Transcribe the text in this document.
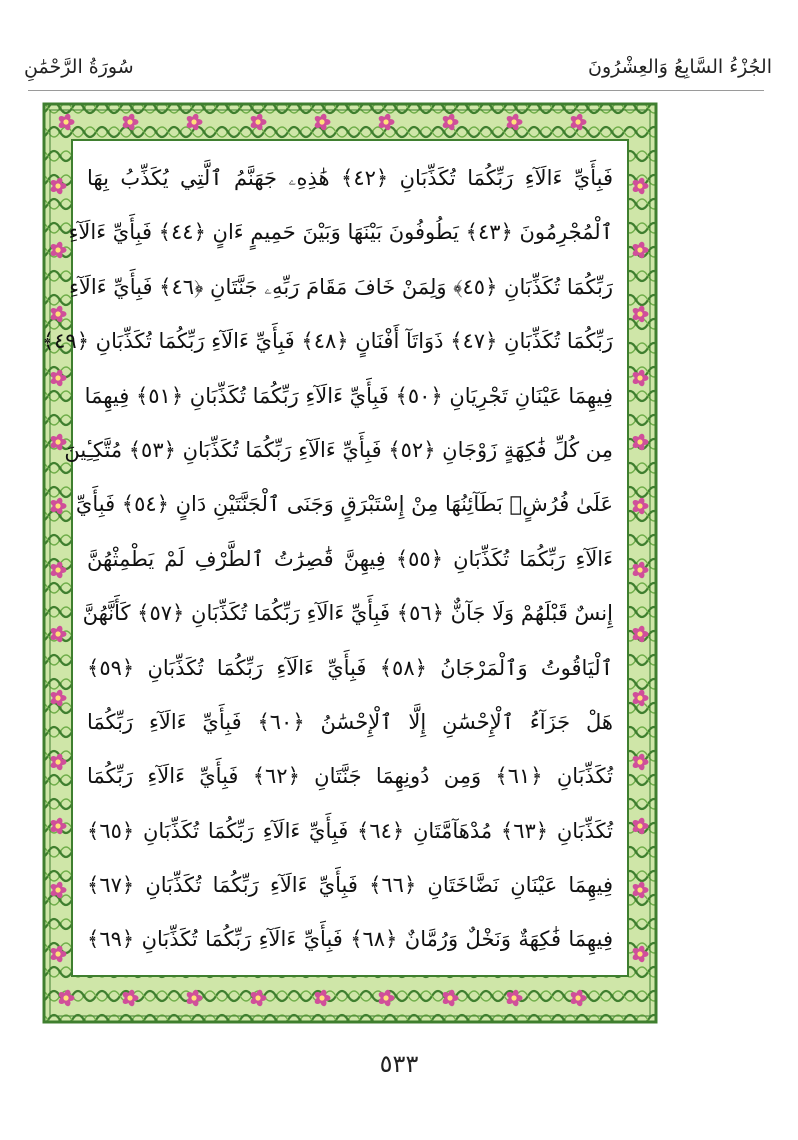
سُورَةُ الرَّحْمَٰنِ	الجُزْءُ السَّابِعُ وَالعِشْرُونَ
فَبِأَيِّ ءَالَآءِ رَبِّكُمَا تُكَذِّبَانِ ﴿٤٢﴾ هَٰذِهِۦ جَهَنَّمُ ٱلَّتِي يُكَذِّبُ بِهَا
ٱلْمُجْرِمُونَ ﴿٤٣﴾ يَطُوفُونَ بَيْنَهَا وَبَيْنَ حَمِيمٍ ءَانٍ ﴿٤٤﴾ فَبِأَيِّ ءَالَآءِ
رَبِّكُمَا تُكَذِّبَانِ ﴿٤٥﴾ وَلِمَنْ خَافَ مَقَامَ رَبِّهِۦ جَنَّتَانِ ﴿٤٦﴾ فَبِأَيِّ ءَالَآءِ
رَبِّكُمَا تُكَذِّبَانِ ﴿٤٧﴾ ذَوَاتَآ أَفْنَانٍ ﴿٤٨﴾ فَبِأَيِّ ءَالَآءِ رَبِّكُمَا تُكَذِّبَانِ ﴿٤٩﴾
فِيهِمَا عَيْنَانِ تَجْرِيَانِ ﴿٥٠﴾ فَبِأَيِّ ءَالَآءِ رَبِّكُمَا تُكَذِّبَانِ ﴿٥١﴾ فِيهِمَا
مِن كُلِّ فَٰكِهَةٍ زَوْجَانِ ﴿٥٢﴾ فَبِأَيِّ ءَالَآءِ رَبِّكُمَا تُكَذِّبَانِ ﴿٥٣﴾ مُتَّكِـِٔينَ
عَلَىٰ فُرُشٍۭ بَطَآئِنُهَا مِنْ إِسْتَبْرَقٍ وَجَنَى ٱلْجَنَّتَيْنِ دَانٍ ﴿٥٤﴾ فَبِأَيِّ
ءَالَآءِ رَبِّكُمَا تُكَذِّبَانِ ﴿٥٥﴾ فِيهِنَّ قَٰصِرَٰتُ ٱلطَّرْفِ لَمْ يَطْمِثْهُنَّ
إِنسٌ قَبْلَهُمْ وَلَا جَآنٌّ ﴿٥٦﴾ فَبِأَيِّ ءَالَآءِ رَبِّكُمَا تُكَذِّبَانِ ﴿٥٧﴾ كَأَنَّهُنَّ
ٱلْيَاقُوتُ وَٱلْمَرْجَانُ ﴿٥٨﴾ فَبِأَيِّ ءَالَآءِ رَبِّكُمَا تُكَذِّبَانِ ﴿٥٩﴾
هَلْ جَزَآءُ ٱلْإِحْسَٰنِ إِلَّا ٱلْإِحْسَٰنُ ﴿٦٠﴾ فَبِأَيِّ ءَالَآءِ رَبِّكُمَا
تُكَذِّبَانِ ﴿٦١﴾ وَمِن دُونِهِمَا جَنَّتَانِ ﴿٦٢﴾ فَبِأَيِّ ءَالَآءِ رَبِّكُمَا
تُكَذِّبَانِ ﴿٦٣﴾ مُدْهَآمَّتَانِ ﴿٦٤﴾ فَبِأَيِّ ءَالَآءِ رَبِّكُمَا تُكَذِّبَانِ ﴿٦٥﴾
فِيهِمَا عَيْنَانِ نَضَّاخَتَانِ ﴿٦٦﴾ فَبِأَيِّ ءَالَآءِ رَبِّكُمَا تُكَذِّبَانِ ﴿٦٧﴾
فِيهِمَا فَٰكِهَةٌ وَنَخْلٌ وَرُمَّانٌ ﴿٦٨﴾ فَبِأَيِّ ءَالَآءِ رَبِّكُمَا تُكَذِّبَانِ ﴿٦٩﴾
٥٣٣
